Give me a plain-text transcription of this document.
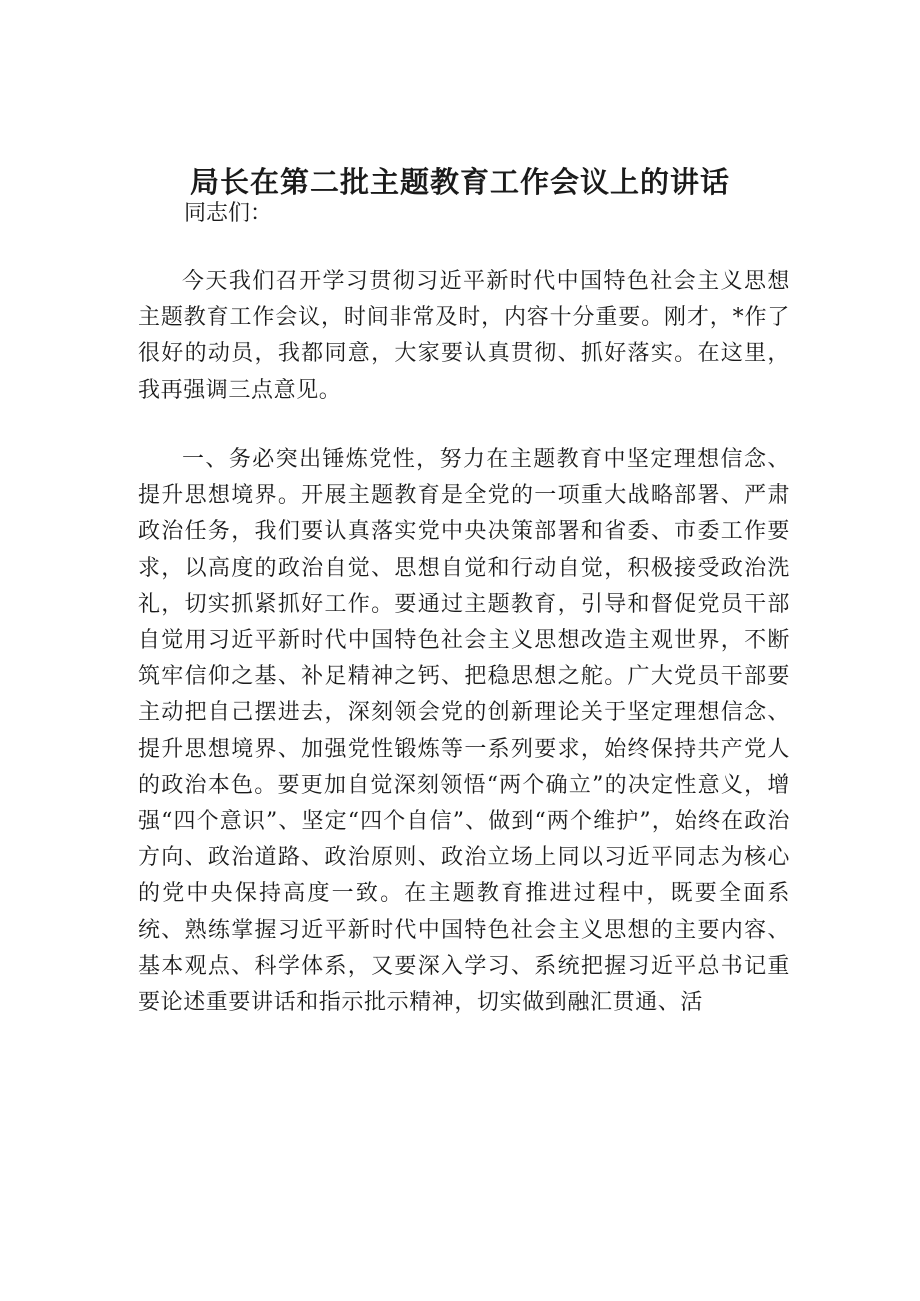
局长在第二批主题教育工作会议上的讲话

同志们：

今天我们召开学习贯彻习近平新时代中国特色社会主义思想主题教育工作会议，时间非常及时，内容十分重要。刚才，*作了很好的动员，我都同意，大家要认真贯彻、抓好落实。在这里，我再强调三点意见。

一、务必突出锤炼党性，努力在主题教育中坚定理想信念、提升思想境界。开展主题教育是全党的一项重大战略部署、严肃政治任务，我们要认真落实党中央决策部署和省委、市委工作要求，以高度的政治自觉、思想自觉和行动自觉，积极接受政治洗礼，切实抓紧抓好工作。要通过主题教育，引导和督促党员干部自觉用习近平新时代中国特色社会主义思想改造主观世界，不断筑牢信仰之基、补足精神之钙、把稳思想之舵。广大党员干部要主动把自己摆进去，深刻领会党的创新理论关于坚定理想信念、提升思想境界、加强党性锻炼等一系列要求，始终保持共产党人的政治本色。要更加自觉深刻领悟“两个确立”的决定性意义，增强“四个意识”、坚定“四个自信”、做到“两个维护”，始终在政治方向、政治道路、政治原则、政治立场上同以习近平同志为核心的党中央保持高度一致。在主题教育推进过程中，既要全面系统、熟练掌握习近平新时代中国特色社会主义思想的主要内容、基本观点、科学体系，又要深入学习、系统把握习近平总书记重要论述重要讲话和指示批示精神，切实做到融汇贯通、活
